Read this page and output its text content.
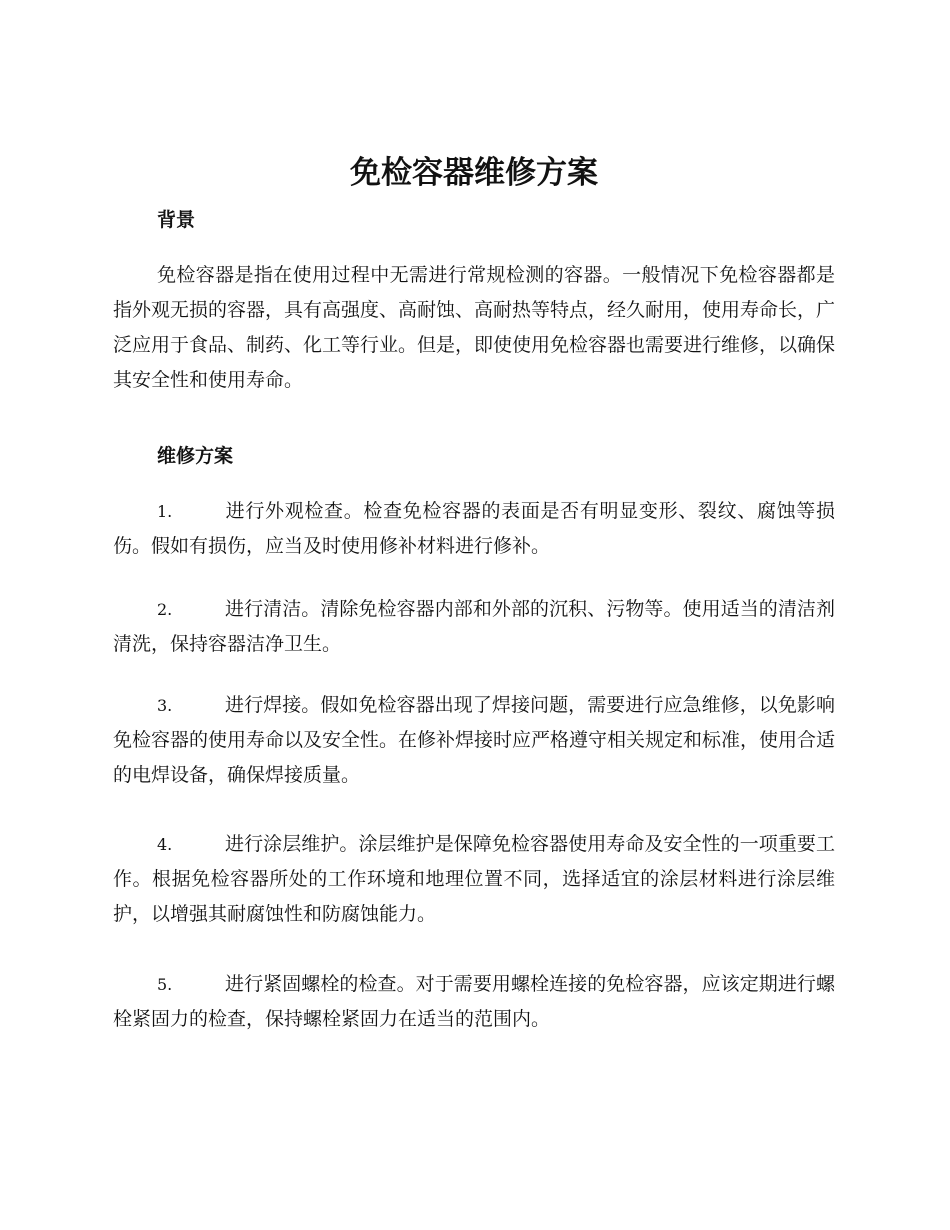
免检容器维修方案
背景

免检容器是指在使用过程中无需进行常规检测的容器。一般情况下免检容器都是指外观无损的容器，具有高强度、高耐蚀、高耐热等特点，经久耐用，使用寿命长，广泛应用于食品、制药、化工等行业。但是，即使使用免检容器也需要进行维修，以确保其安全性和使用寿命。

维修方案

1.	进行外观检查。检查免检容器的表面是否有明显变形、裂纹、腐蚀等损伤。假如有损伤，应当及时使用修补材料进行修补。

2.	进行清洁。清除免检容器内部和外部的沉积、污物等。使用适当的清洁剂清洗，保持容器洁净卫生。

3.	进行焊接。假如免检容器出现了焊接问题，需要进行应急维修，以免影响免检容器的使用寿命以及安全性。在修补焊接时应严格遵守相关规定和标准，使用合适的电焊设备，确保焊接质量。

4.	进行涂层维护。涂层维护是保障免检容器使用寿命及安全性的一项重要工作。根据免检容器所处的工作环境和地理位置不同，选择适宜的涂层材料进行涂层维护，以增强其耐腐蚀性和防腐蚀能力。

5.	进行紧固螺栓的检查。对于需要用螺栓连接的免检容器，应该定期进行螺栓紧固力的检查，保持螺栓紧固力在适当的范围内。
